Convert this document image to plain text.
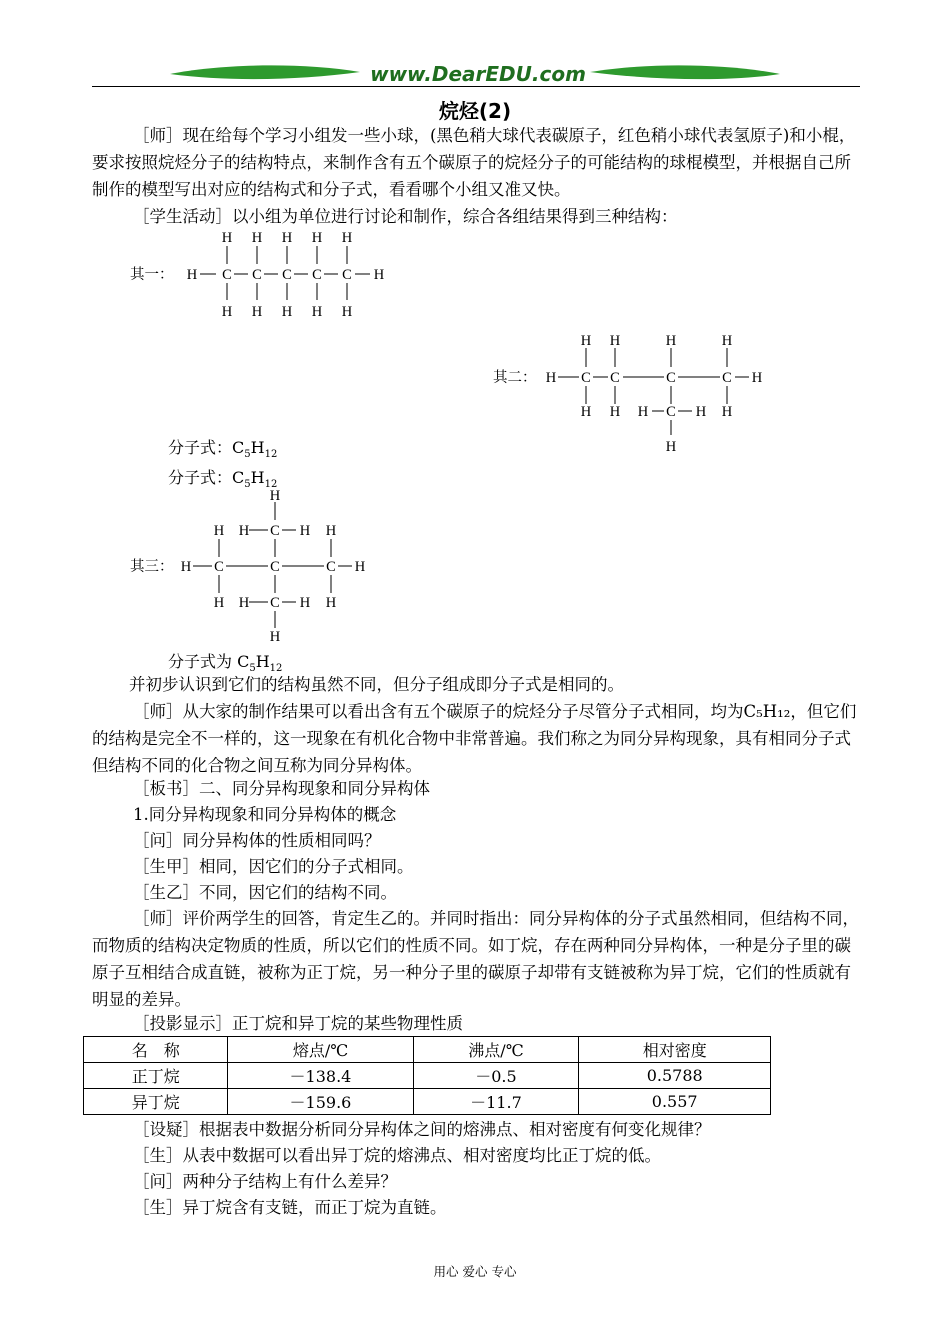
www.DearEDU.com
烷烃(2)

［师］现在给每个学习小组发一些小球，(黑色稍大球代表碳原子，红色稍小球代表氢原子)和小棍，要求按照烷烃分子的结构特点，来制作含有五个碳原子的烷烃分子的可能结构的球棍模型，并根据自己所制作的模型写出对应的结构式和分子式，看看哪个小组又准又快。

［学生活动］以小组为单位进行讨论和制作，综合各组结果得到三种结构：

其一： H C C C C C H
H H H H H
H H H H H
其二： H C C	C	C H
H H	H	H
H H H C H H
H
分子式：$C_5H_{12}$
分子式：$C_5H_{12}$
其三：
H
H H C H H
H C	C	C H
H H C H H
H
分子式为 $C_5H_{12}$

并初步认识到它们的结构虽然不同，但分子组成即分子式是相同的。

［师］从大家的制作结果可以看出含有五个碳原子的烷烃分子尽管分子式相同，均为C₅H₁₂，但它们的结构是完全不一样的，这一现象在有机化合物中非常普遍。我们称之为同分异构现象，具有相同分子式但结构不同的化合物之间互称为同分异构体。

［板书］二、同分异构现象和同分异构体

1.同分异构现象和同分异构体的概念

［问］同分异构体的性质相同吗？

［生甲］相同，因它们的分子式相同。

［生乙］不同，因它们的结构不同。

［师］评价两学生的回答，肯定生乙的。并同时指出：同分异构体的分子式虽然相同，但结构不同，而物质的结构决定物质的性质，所以它们的性质不同。如丁烷，存在两种同分异构体，一种是分子里的碳原子互相结合成直链，被称为正丁烷，另一种分子里的碳原子却带有支链被称为异丁烷，它们的性质就有明显的差异。

［投影显示］正丁烷和异丁烷的某些物理性质

名　称	熔点/℃	沸点/℃	相对密度
正丁烷	－138.4	－0.5	0.5788
异丁烷	－159.6	－11.7	0.557

［设疑］根据表中数据分析同分异构体之间的熔沸点、相对密度有何变化规律？

［生］从表中数据可以看出异丁烷的熔沸点、相对密度均比正丁烷的低。

［问］两种分子结构上有什么差异？

［生］异丁烷含有支链，而正丁烷为直链。

用心 爱心 专心
